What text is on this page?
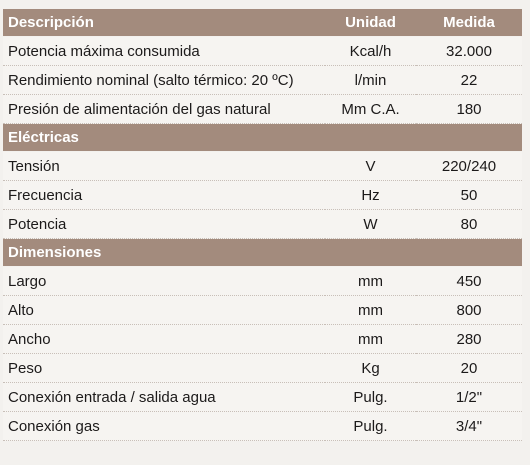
Descripción	Unidad	Medida
Potencia máxima consumida	Kcal/h	32.000
Rendimiento nominal (salto térmico: 20 ºC)	l/min	22
Presión de alimentación del gas natural	Mm C.A.	180
Eléctricas		
Tensión	V	220/240
Frecuencia	Hz	50
Potencia	W	80
Dimensiones		
Largo	mm	450
Alto	mm	800
Ancho	mm	280
Peso	Kg	20
Conexión entrada / salida agua	Pulg.	1/2"
Conexión gas	Pulg.	3/4"
